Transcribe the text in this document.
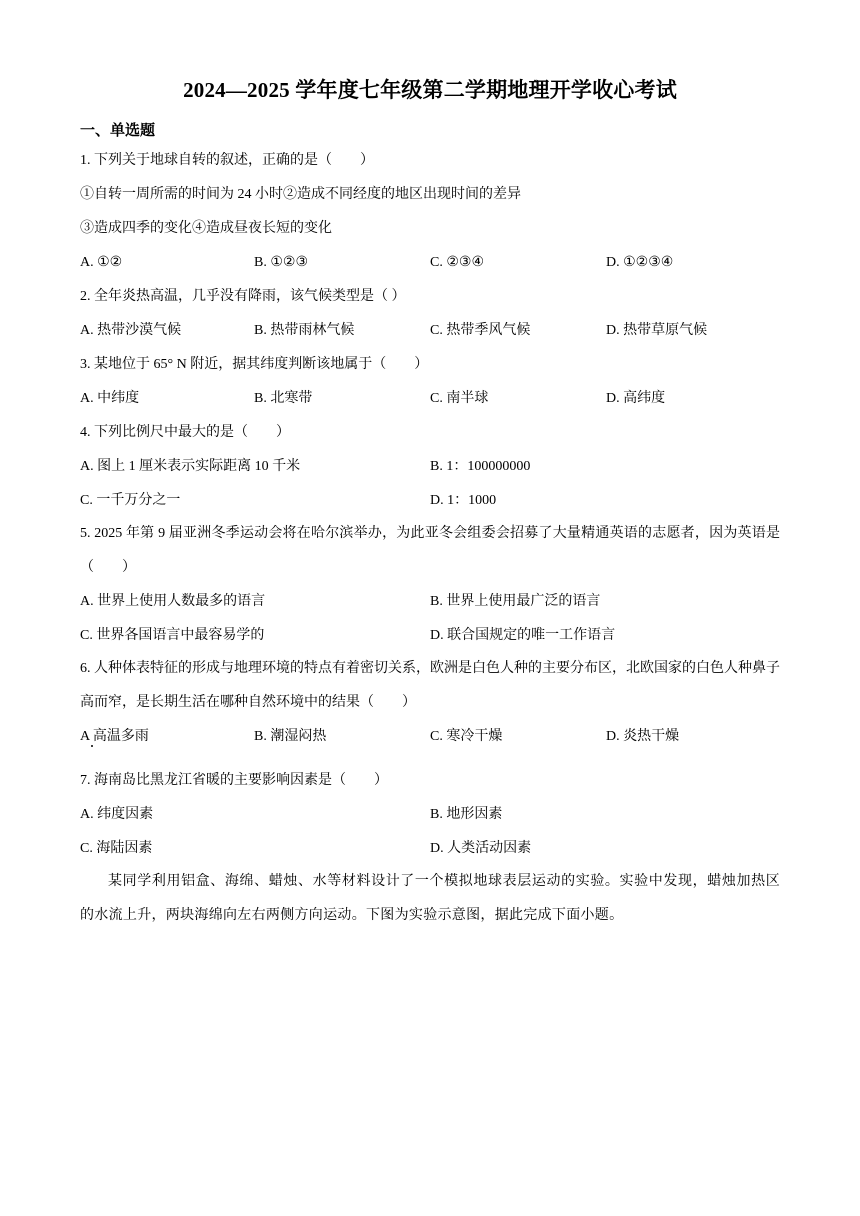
2024—2025 学年度七年级第二学期地理开学收心考试
一、单选题
1. 下列关于地球自转的叙述，正确的是（　　）
①自转一周所需的时间为 24 小时②造成不同经度的地区出现时间的差异
③造成四季的变化④造成昼夜长短的变化
A. ①②	B. ①②③	C. ②③④	D. ①②③④
2. 全年炎热高温，几乎没有降雨，该气候类型是（ ）
A. 热带沙漠气候	B. 热带雨林气候	C. 热带季风气候	D. 热带草原气候
3. 某地位于 65° N 附近，据其纬度判断该地属于（　　）
A. 中纬度	B. 北寒带	C. 南半球	D. 高纬度
4. 下列比例尺中最大的是（　　）
A. 图上 1 厘米表示实际距离 10 千米	B. 1：100000000
C. 一千万分之一	D. 1：1000
5. 2025 年第 9 届亚洲冬季运动会将在哈尔滨举办，为此亚冬会组委会招募了大量精通英语的志愿者，因为英语是（　　）
A. 世界上使用人数最多的语言	B. 世界上使用最广泛的语言
C. 世界各国语言中最容易学的	D. 联合国规定的唯一工作语言
6. 人种体表特征的形成与地理环境的特点有着密切关系，欧洲是白色人种的主要分布区，北欧国家的白色人种鼻子高而窄，是长期生活在哪种自然环境中的结果（　　）
A 高温多雨	B. 潮湿闷热	C. 寒冷干燥	D. 炎热干燥
7. 海南岛比黑龙江省暖的主要影响因素是（　　）
A. 纬度因素	B. 地形因素
C. 海陆因素	D. 人类活动因素
某同学利用铝盒、海绵、蜡烛、水等材料设计了一个模拟地球表层运动的实验。实验中发现，蜡烛加热区的水流上升，两块海绵向左右两侧方向运动。下图为实验示意图，据此完成下面小题。
